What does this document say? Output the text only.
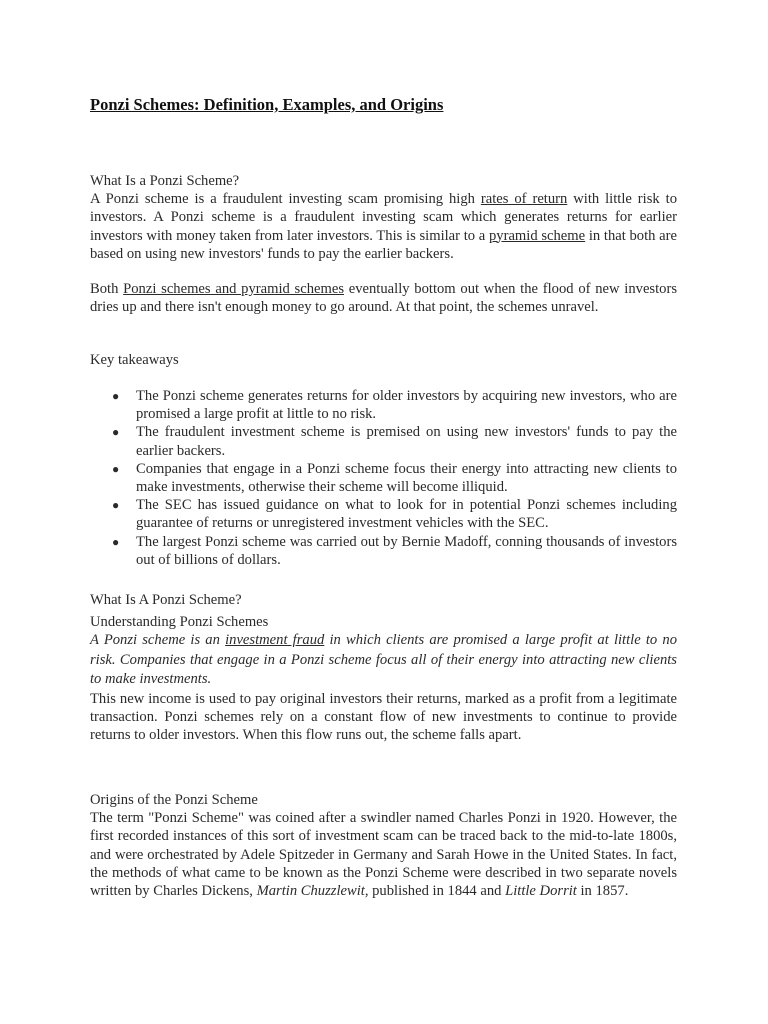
Ponzi Schemes: Definition, Examples, and Origins
What Is a Ponzi Scheme?

A Ponzi scheme is a fraudulent investing scam promising high rates of return with little risk to investors. A Ponzi scheme is a fraudulent investing scam which generates returns for earlier investors with money taken from later investors. This is similar to a pyramid scheme in that both are based on using new investors' funds to pay the earlier backers.

Both Ponzi schemes and pyramid schemes eventually bottom out when the flood of new investors dries up and there isn't enough money to go around. At that point, the schemes unravel.

Key takeaways
● The Ponzi scheme generates returns for older investors by acquiring new investors, who are promised a large profit at little to no risk.
● The fraudulent investment scheme is premised on using new investors' funds to pay the earlier backers.
● Companies that engage in a Ponzi scheme focus their energy into attracting new clients to make investments, otherwise their scheme will become illiquid.
● The SEC has issued guidance on what to look for in potential Ponzi schemes including guarantee of returns or unregistered investment vehicles with the SEC.
● The largest Ponzi scheme was carried out by Bernie Madoff, conning thousands of investors out of billions of dollars.
What Is A Ponzi Scheme?
Understanding Ponzi Schemes

A Ponzi scheme is an investment fraud in which clients are promised a large profit at little to no risk. Companies that engage in a Ponzi scheme focus all of their energy into attracting new clients to make investments.

This new income is used to pay original investors their returns, marked as a profit from a legitimate transaction. Ponzi schemes rely on a constant flow of new investments to continue to provide returns to older investors. When this flow runs out, the scheme falls apart.

Origins of the Ponzi Scheme

The term "Ponzi Scheme" was coined after a swindler named Charles Ponzi in 1920. However, the first recorded instances of this sort of investment scam can be traced back to the mid-to-late 1800s, and were orchestrated by Adele Spitzeder in Germany and Sarah Howe in the United States. In fact, the methods of what came to be known as the Ponzi Scheme were described in two separate novels written by Charles Dickens, Martin Chuzzlewit, published in 1844 and Little Dorrit in 1857.
